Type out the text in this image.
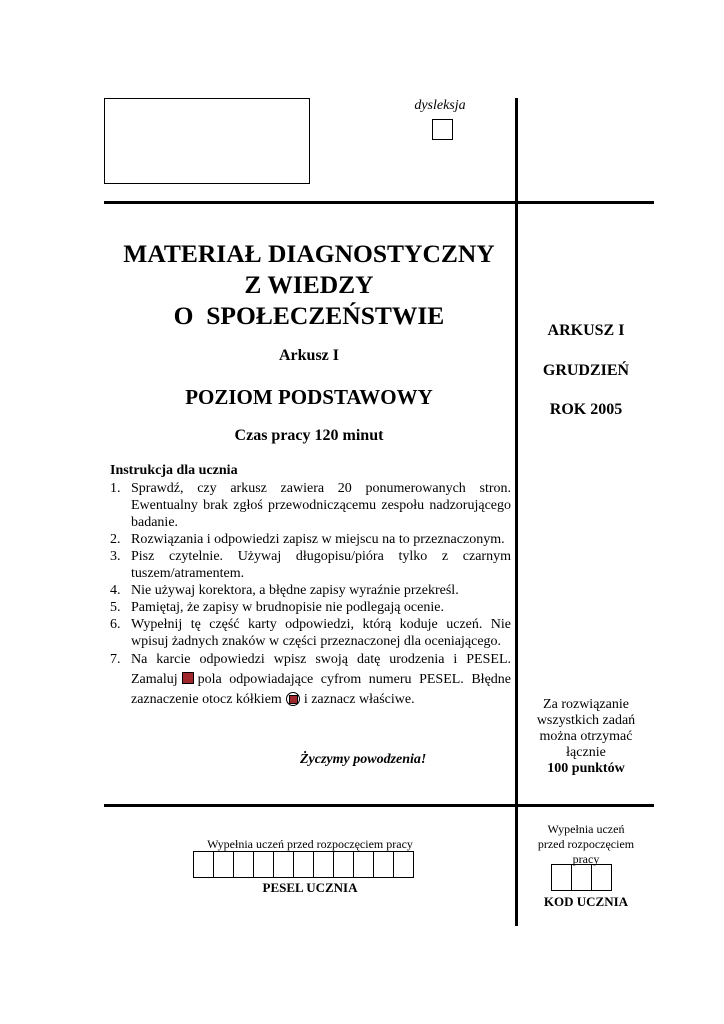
dysleksja
MATERIAŁ DIAGNOSTYCZNY
Z WIEDZY
O  SPOŁECZEŃSTWIE
Arkusz I
POZIOM PODSTAWOWY
Czas pracy 120 minut
Instrukcja dla ucznia
1. Sprawdź, czy arkusz zawiera 20 ponumerowanych stron. Ewentualny brak zgłoś przewodniczącemu zespołu nadzorującego badanie.
2. Rozwiązania i odpowiedzi zapisz w miejscu na to przeznaczonym.
3. Pisz czytelnie. Używaj długopisu/pióra tylko z czarnym tuszem/atramentem.
4. Nie używaj korektora, a błędne zapisy wyraźnie przekreśl.
5. Pamiętaj, że zapisy w brudnopisie nie podlegają ocenie.
6. Wypełnij tę część karty odpowiedzi, którą koduje uczeń. Nie wpisuj żadnych znaków w części przeznaczonej dla oceniającego.
7. Na karcie odpowiedzi wpisz swoją datę urodzenia i PESEL. Zamaluj pola odpowiadające cyfrom numeru PESEL. Błędne zaznaczenie otocz kółkiem i zaznacz właściwe.
Życzymy powodzenia!
ARKUSZ I
GRUDZIEŃ
ROK 2005
Za rozwiązanie
wszystkich zadań
można otrzymać
łącznie
100 punktów
Wypełnia uczeń przed rozpoczęciem pracy
PESEL UCZNIA
Wypełnia uczeń
przed rozpoczęciem
pracy
KOD UCZNIA
